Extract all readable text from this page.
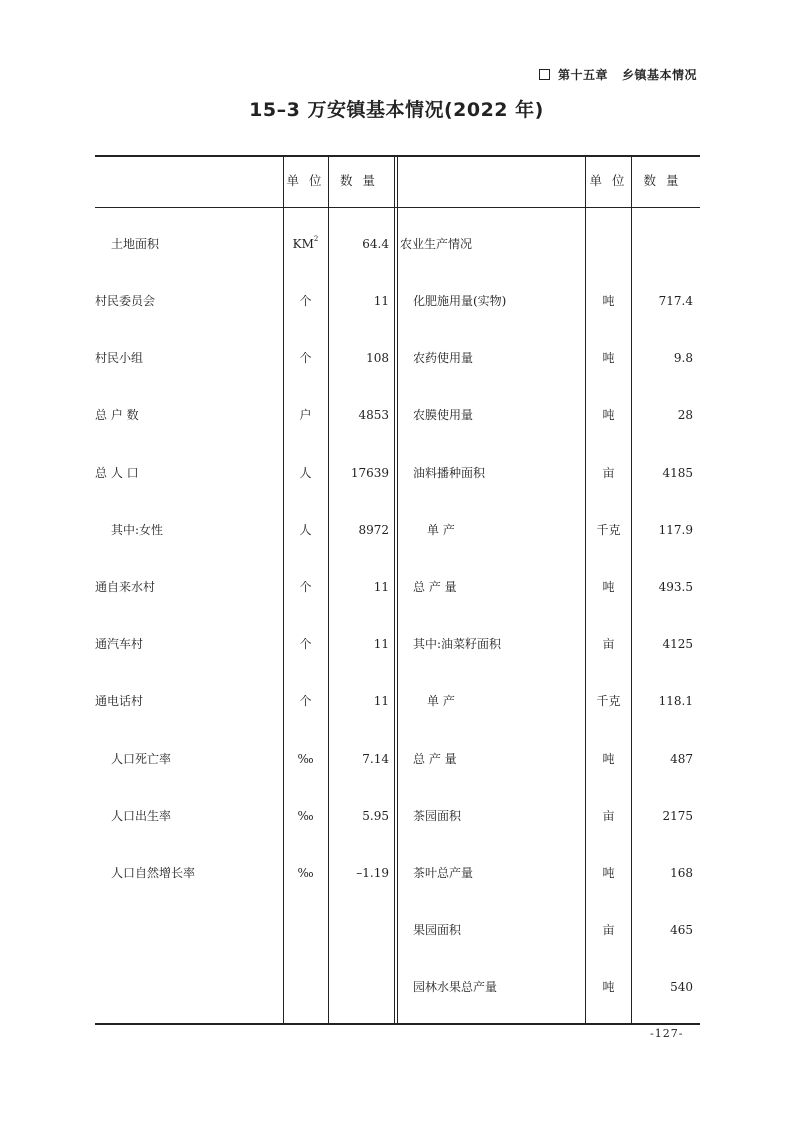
第十五章 乡镇基本情况
15–3 万安镇基本情况(2022 年)
单 位	数 量	单 位	数 量
土地面积	$KM^2$	64.4
村民委员会	个	11
村民小组	个	108
总 户 数	户	4853
总 人 口	人	17639
其中:女性	人	8972
通自来水村	个	11
通汽车村	个	11
通电话村	个	11
人口死亡率	‰	7.14
人口出生率	‰	5.95
人口自然增长率	‰	–1.19
农业生产情况
化肥施用量(实物)	吨	717.4
农药使用量	吨	9.8
农膜使用量	吨	28
油料播种面积	亩	4185
单 产	千克	117.9
总 产 量	吨	493.5
其中:油菜籽面积	亩	4125
单 产	千克	118.1
总 产 量	吨	487
茶园面积	亩	2175
茶叶总产量	吨	168
果园面积	亩	465
园林水果总产量	吨	540
-127-
